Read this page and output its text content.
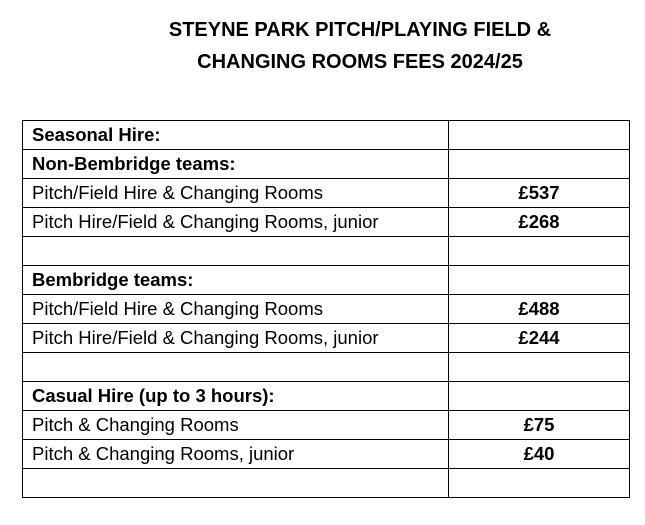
STEYNE PARK PITCH/PLAYING FIELD &
CHANGING ROOMS FEES 2024/25
Seasonal Hire:	
Non-Bembridge teams:	
Pitch/Field Hire & Changing Rooms	£537
Pitch Hire/Field & Changing Rooms, junior	£268

Bembridge teams:	
Pitch/Field Hire & Changing Rooms	£488
Pitch Hire/Field & Changing Rooms, junior	£244

Casual Hire (up to 3 hours):	
Pitch & Changing Rooms	£75
Pitch & Changing Rooms, junior	£40
